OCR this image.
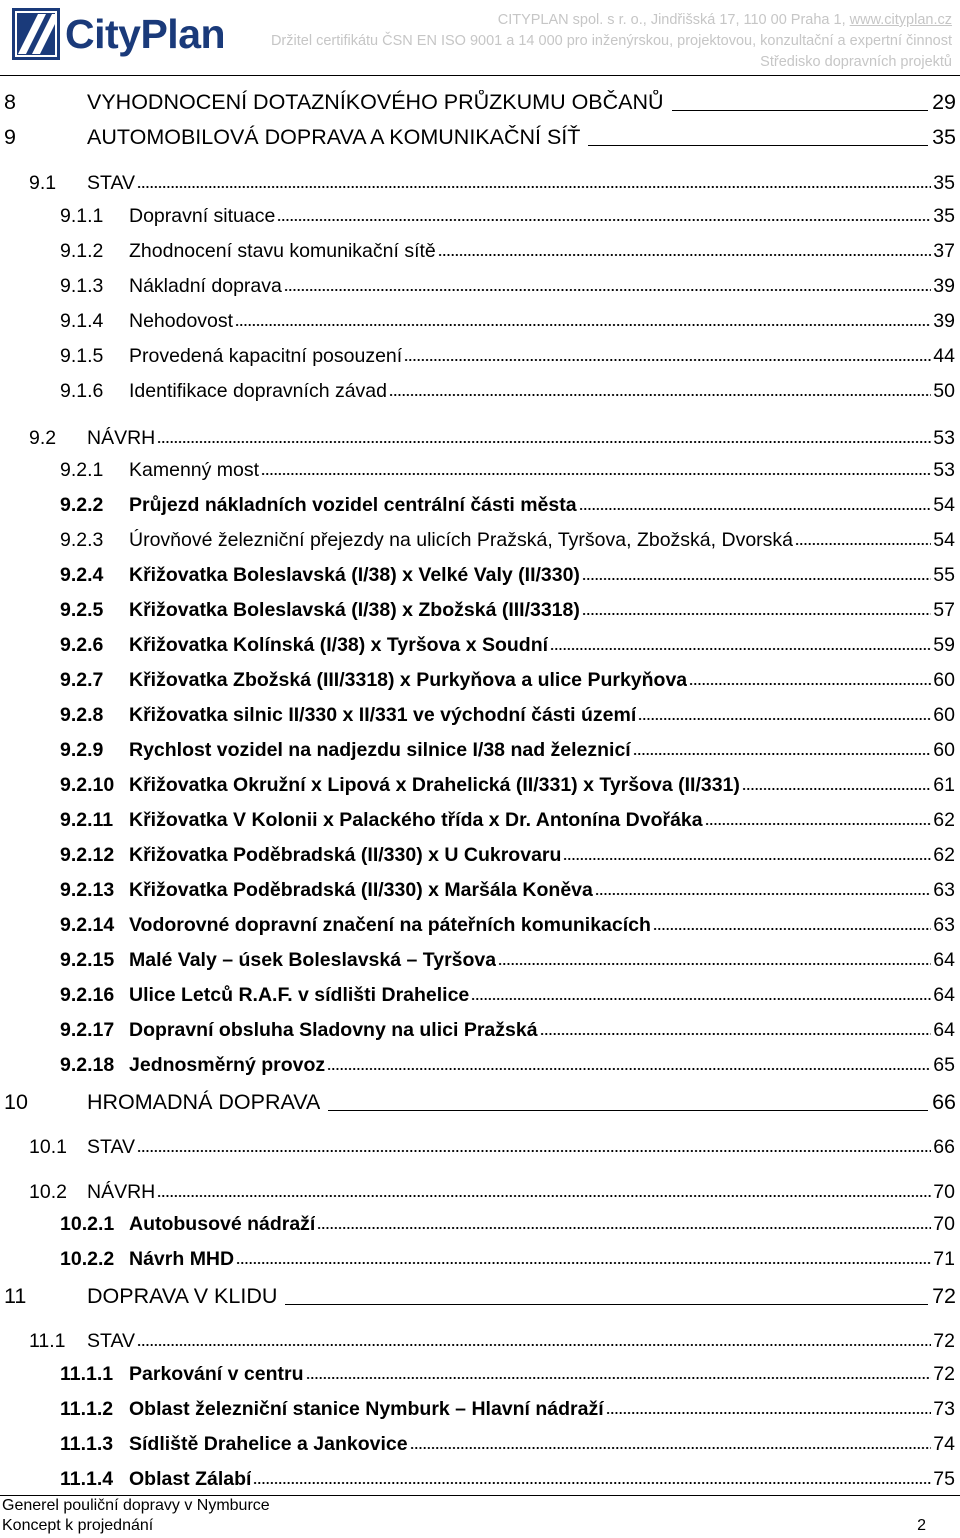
CityPlan	CITYPLAN spol. s r. o., Jindřišská 17, 110 00 Praha 1, www.cityplan.cz
Držitel certifikátu ČSN EN ISO 9001 a 14 000 pro inženýrskou, projektovou, konzultační a expertní činnost
Středisko dopravních projektů
8	VYHODNOCENÍ DOTAZNÍKOVÉHO PRŮZKUMU OBČANŮ	29
9	AUTOMOBILOVÁ DOPRAVA A KOMUNIKAČNÍ SÍŤ	35
9.1	STAV	35
9.1.1	Dopravní situace	35
9.1.2	Zhodnocení stavu komunikační sítě	37
9.1.3	Nákladní doprava	39
9.1.4	Nehodovost	39
9.1.5	Provedená kapacitní posouzení	44
9.1.6	Identifikace dopravních závad	50
9.2	NÁVRH	53
9.2.1	Kamenný most	53
9.2.2	Průjezd nákladních vozidel centrální části města	54
9.2.3	Úrovňové železniční přejezdy na ulicích Pražská, Tyršova, Zbožská, Dvorská	54
9.2.4	Křižovatka Boleslavská (I/38) x Velké Valy (II/330)	55
9.2.5	Křižovatka Boleslavská (I/38) x Zbožská (III/3318)	57
9.2.6	Křižovatka Kolínská (I/38) x Tyršova x Soudní	59
9.2.7	Křižovatka Zbožská (III/3318) x Purkyňova a ulice Purkyňova	60
9.2.8	Křižovatka silnic II/330 x II/331 ve východní části území	60
9.2.9	Rychlost vozidel na nadjezdu silnice I/38 nad železnicí	60
9.2.10 Křižovatka Okružní x Lipová x Drahelická (II/331) x Tyršova (II/331)	61
9.2.11 Křižovatka V Kolonii x Palackého třída x Dr. Antonína Dvořáka	62
9.2.12 Křižovatka Poděbradská (II/330) x U Cukrovaru	62
9.2.13 Křižovatka Poděbradská (II/330) x Maršála Koněva	63
9.2.14 Vodorovné dopravní značení na páteřních komunikacích	63
9.2.15 Malé Valy – úsek Boleslavská – Tyršova	64
9.2.16 Ulice Letců R.A.F. v sídlišti Drahelice	64
9.2.17 Dopravní obsluha Sladovny na ulici Pražská	64
9.2.18 Jednosměrný provoz	65
10	HROMADNÁ DOPRAVA	66
10.1	STAV	66
10.2	NÁVRH	70
10.2.1 Autobusové nádraží	70
10.2.2 Návrh MHD	71
11	DOPRAVA V KLIDU	72
11.1	STAV	72
11.1.1 Parkování v centru	72
11.1.2 Oblast železniční stanice Nymburk – Hlavní nádraží	73
11.1.3 Sídliště Drahelice a Jankovice	74
11.1.4 Oblast Zálabí	75
Generel pouliční dopravy v Nymburce
Koncept k projednání	2
